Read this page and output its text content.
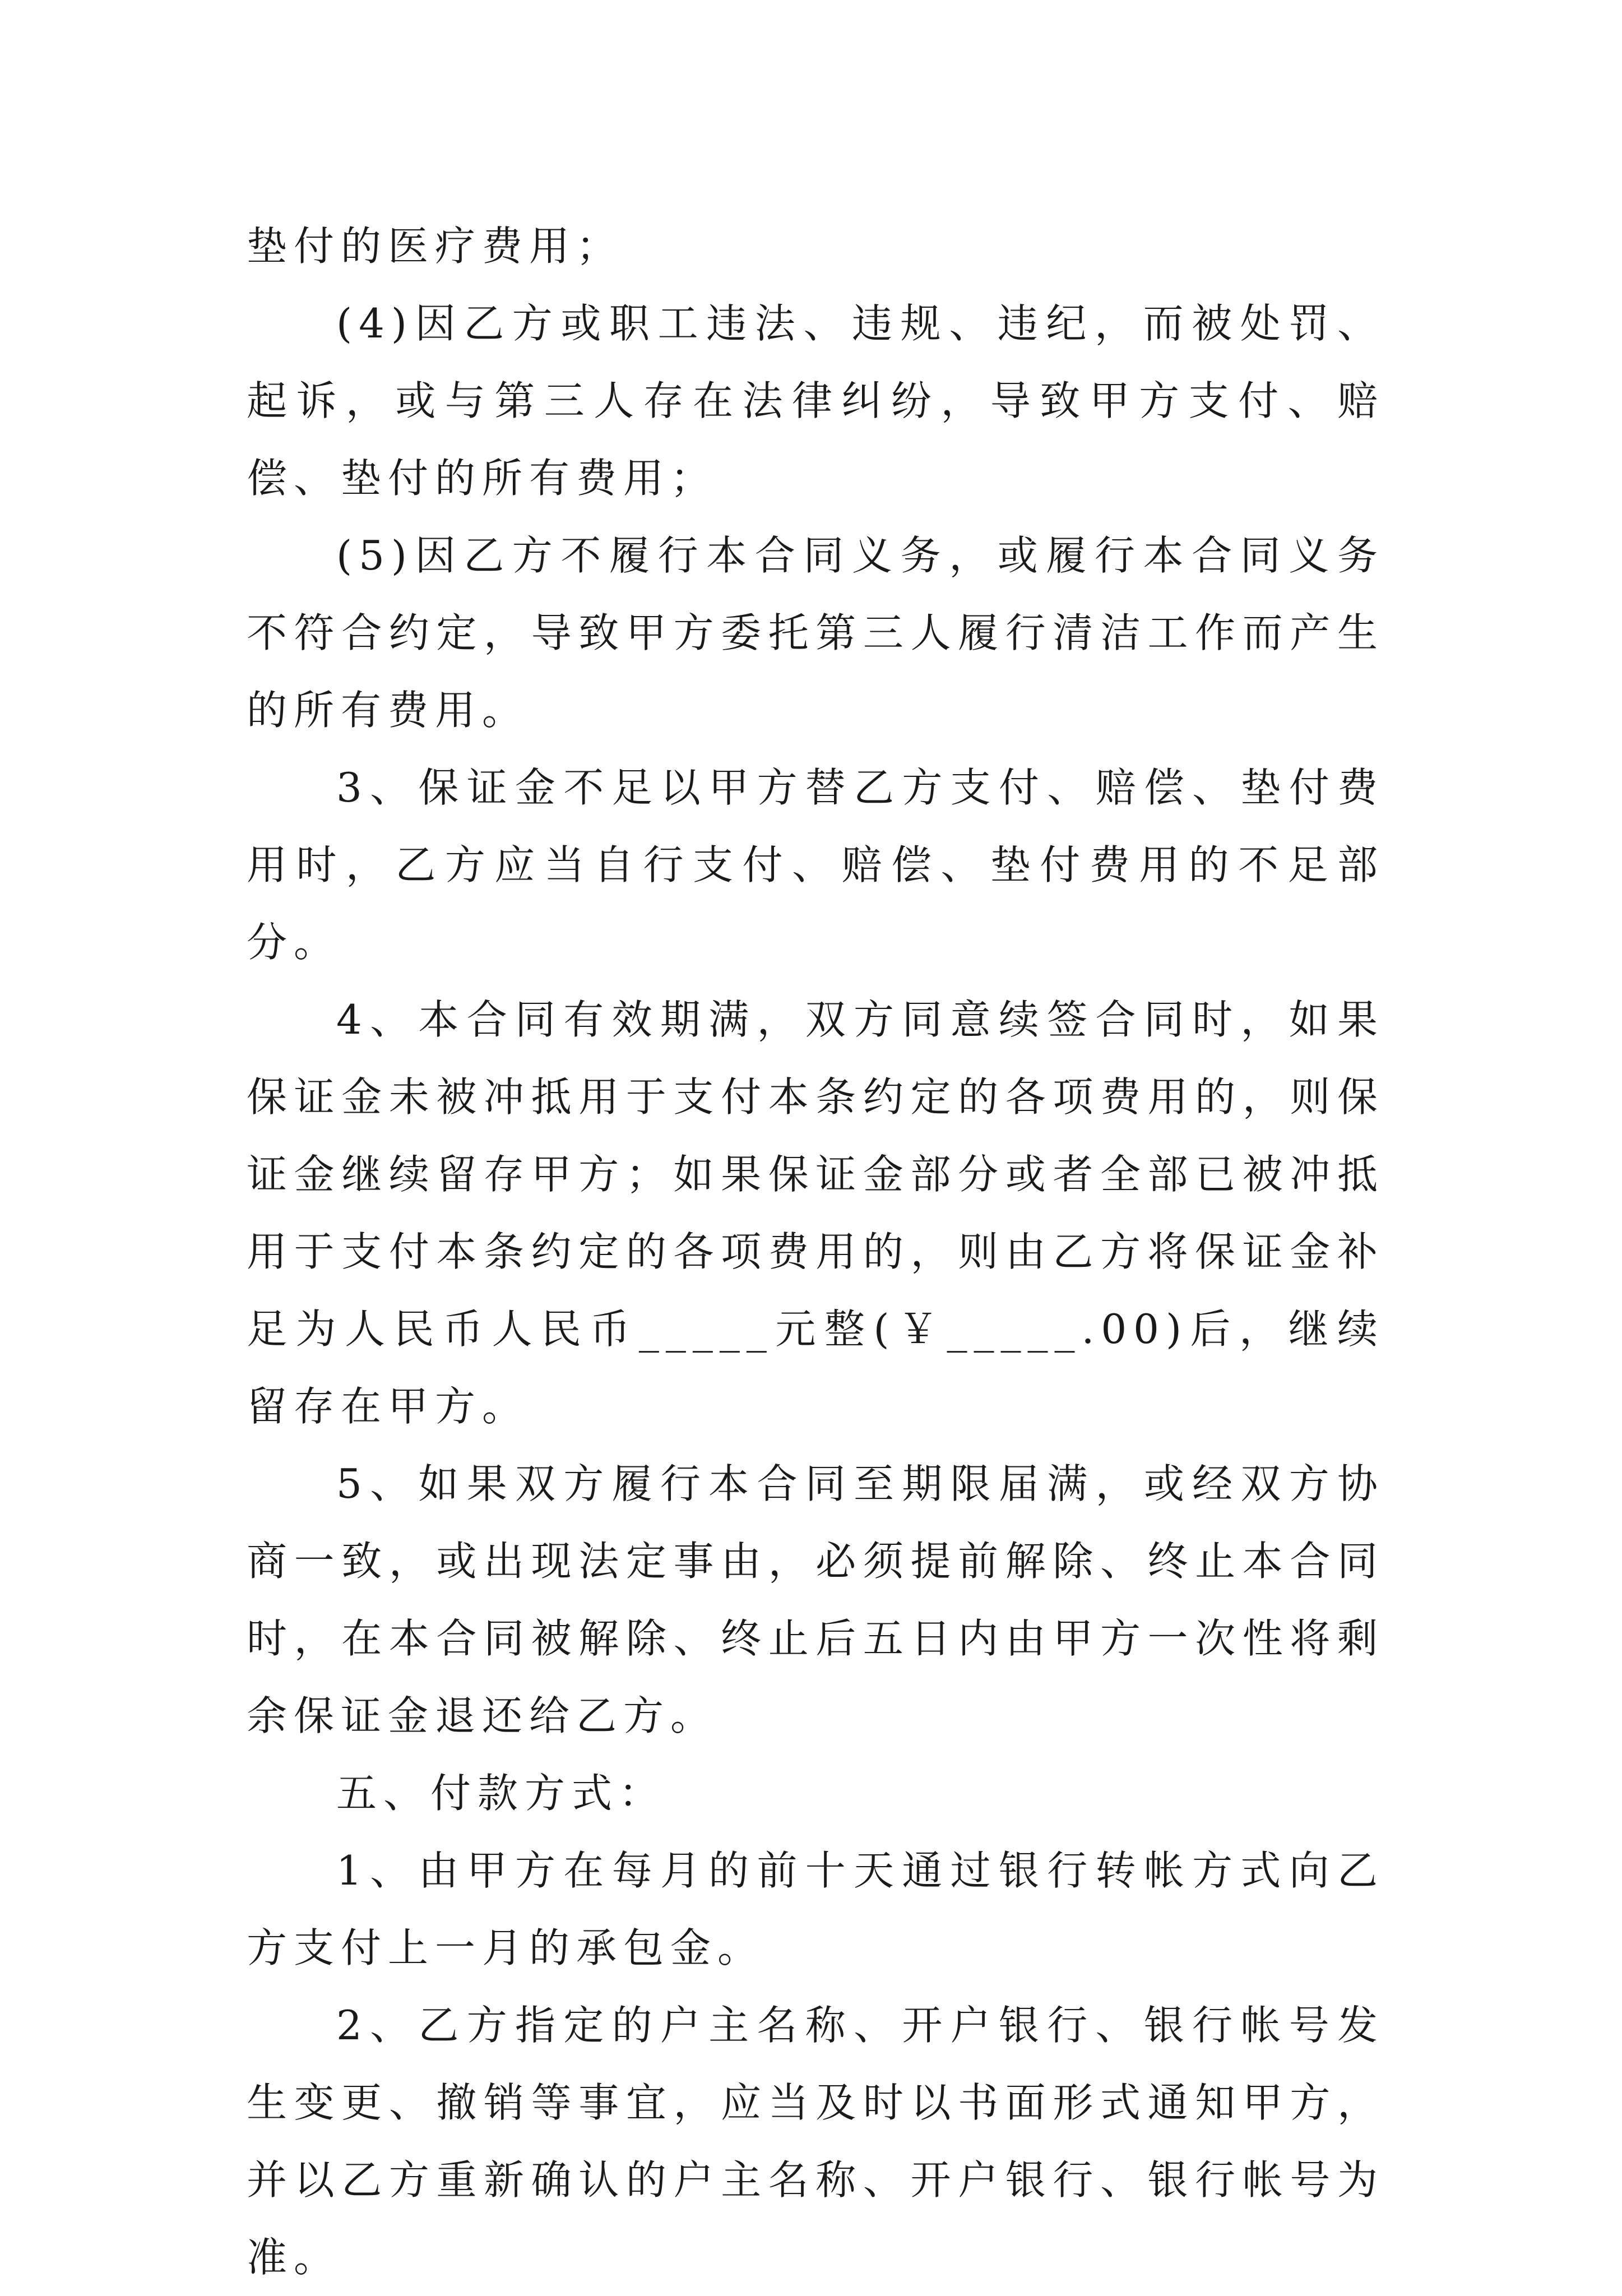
垫付的医疗费用；

(4)因乙方或职工违法、违规、违纪，而被处罚、起诉，或与第三人存在法律纠纷，导致甲方支付、赔偿、垫付的所有费用；

(5)因乙方不履行本合同义务，或履行本合同义务不符合约定，导致甲方委托第三人履行清洁工作而产生的所有费用。

3、保证金不足以甲方替乙方支付、赔偿、垫付费用时，乙方应当自行支付、赔偿、垫付费用的不足部分。

4、本合同有效期满，双方同意续签合同时，如果保证金未被冲抵用于支付本条约定的各项费用的，则保证金继续留存甲方；如果保证金部分或者全部已被冲抵用于支付本条约定的各项费用的，则由乙方将保证金补足为人民币人民币_____元整(￥_____.00)后，继续留存在甲方。

5、如果双方履行本合同至期限届满，或经双方协商一致，或出现法定事由，必须提前解除、终止本合同时，在本合同被解除、终止后五日内由甲方一次性将剩余保证金退还给乙方。

五、付款方式：

1、由甲方在每月的前十天通过银行转帐方式向乙方支付上一月的承包金。

2、乙方指定的户主名称、开户银行、银行帐号发生变更、撤销等事宜，应当及时以书面形式通知甲方，并以乙方重新确认的户主名称、开户银行、银行帐号为准。
